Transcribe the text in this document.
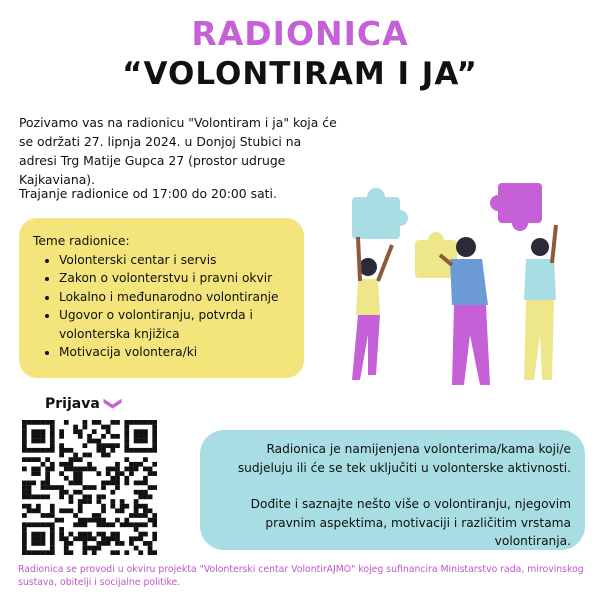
RADIONICA
“VOLONTIRAM I JA”

Pozivamo vas na radionicu "Volontiram i ja" koja će se održati 27. lipnja 2024. u Donjoj Stubici na adresi Trg Matije Gupca 27 (prostor udruge Kajkaviana).

Trajanje radionice od 17:00 do 20:00 sati.

Teme radionice:
• Volonterski centar i servis
• Zakon o volonterstvu i pravni okvir
• Lokalno i međunarodno volontiranje
• Ugovor o volontiranju, potvrda i volonterska knjižica
• Motivacija volontera/ki
Prijava ❯

Radionica je namijenjena volonterima/kama koji/e sudjeluju ili će se tek uključiti u volonterske aktivnosti.

Dođite i saznajte nešto više o volontiranju, njegovim pravnim aspektima, motivaciji i različitim vrstama volontiranja.

Radionica se provodi u okviru projekta "Volonterski centar VolontirAJMO" kojeg sufinancira Ministarstvo rada, mirovinskog sustava, obitelji i socijalne politike.
